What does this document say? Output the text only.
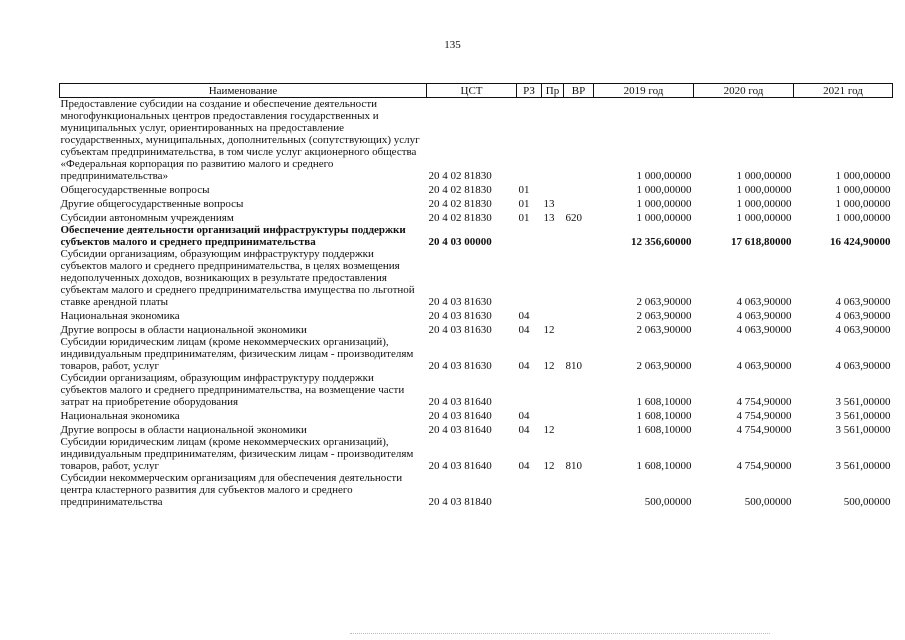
135
Наименование	ЦСТ	РЗ	Пр	ВР	2019 год	2020 год	2021 год
Предоставление субсидии на создание и обеспечение деятельности многофункциональных центров предоставления государственных и муниципальных услуг, ориентированных на предоставление государственных, муниципальных, дополнительных (сопутствующих) услуг субъектам предпринимательства, в том числе услуг акционерного общества «Федеральная корпорация по развитию малого и среднего предпринимательства»	20 4 02 81830				1 000,00000	1 000,00000	1 000,00000
Общегосударственные вопросы	20 4 02 81830	01			1 000,00000	1 000,00000	1 000,00000
Другие общегосударственные вопросы	20 4 02 81830	01	13		1 000,00000	1 000,00000	1 000,00000
Субсидии автономным учреждениям	20 4 02 81830	01	13	620	1 000,00000	1 000,00000	1 000,00000
Обеспечение деятельности организаций инфраструктуры поддержки субъектов малого и среднего предпринимательства	20 4 03 00000				12 356,60000	17 618,80000	16 424,90000
Субсидии организациям, образующим инфраструктуру поддержки субъектов малого и среднего предпринимательства, в целях возмещения недополученных доходов, возникающих в результате предоставления субъектам малого и среднего предпринимательства имущества по льготной ставке арендной платы	20 4 03 81630				2 063,90000	4 063,90000	4 063,90000
Национальная экономика	20 4 03 81630	04			2 063,90000	4 063,90000	4 063,90000
Другие вопросы в области национальной экономики	20 4 03 81630	04	12		2 063,90000	4 063,90000	4 063,90000
Субсидии юридическим лицам (кроме некоммерческих организаций), индивидуальным предпринимателям, физическим лицам - производителям товаров, работ, услуг	20 4 03 81630	04	12	810	2 063,90000	4 063,90000	4 063,90000
Субсидии организациям, образующим инфраструктуру поддержки субъектов малого и среднего предпринимательства, на возмещение части затрат на приобретение оборудования	20 4 03 81640				1 608,10000	4 754,90000	3 561,00000
Национальная экономика	20 4 03 81640	04			1 608,10000	4 754,90000	3 561,00000
Другие вопросы в области национальной экономики	20 4 03 81640	04	12		1 608,10000	4 754,90000	3 561,00000
Субсидии юридическим лицам (кроме некоммерческих организаций), индивидуальным предпринимателям, физическим лицам - производителям товаров, работ, услуг	20 4 03 81640	04	12	810	1 608,10000	4 754,90000	3 561,00000
Субсидии некоммерческим организациям для обеспечения деятельности центра кластерного развития для субъектов малого и среднего предпринимательства	20 4 03 81840				500,00000	500,00000	500,00000
